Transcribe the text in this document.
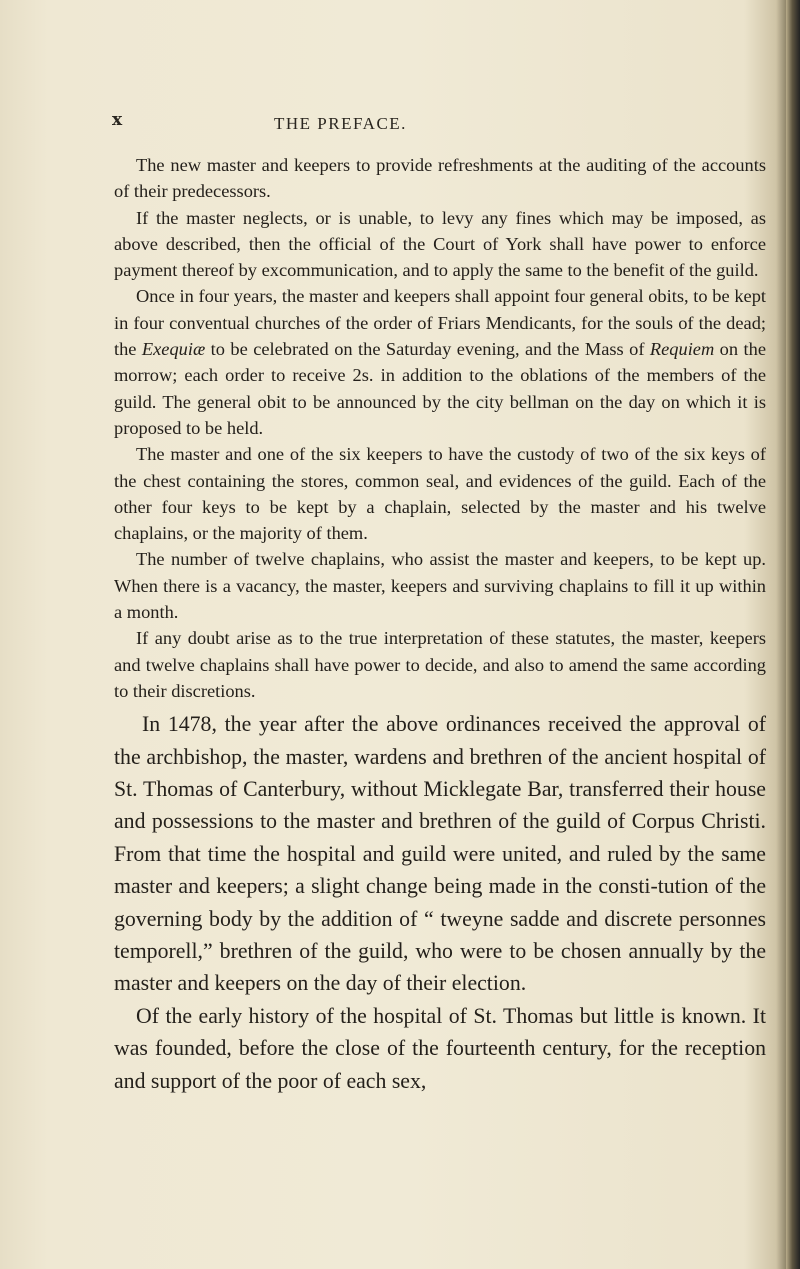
x	THE PREFACE.

The new master and keepers to provide refreshments at the auditing of the accounts of their predecessors.

If the master neglects, or is unable, to levy any fines which may be imposed, as above described, then the official of the Court of York shall have power to enforce payment thereof by excommunication, and to apply the same to the benefit of the guild.

Once in four years, the master and keepers shall appoint four general obits, to be kept in four conventual churches of the order of Friars Mendicants, for the souls of the dead; the Exequiæ to be celebrated on the Saturday evening, and the Mass of Requiem on the morrow; each order to receive 2s. in addition to the oblations of the members of the guild. The general obit to be announced by the city bellman on the day on which it is proposed to be held.

The master and one of the six keepers to have the custody of two of the six keys of the chest containing the stores, common seal, and evidences of the guild. Each of the other four keys to be kept by a chaplain, selected by the master and his twelve chaplains, or the majority of them.

The number of twelve chaplains, who assist the master and keepers, to be kept up. When there is a vacancy, the master, keepers and surviving chaplains to fill it up within a month.

If any doubt arise as to the true interpretation of these statutes, the master, keepers and twelve chaplains shall have power to decide, and also to amend the same according to their discretions.

In 1478, the year after the above ordinances received the approval of the archbishop, the master, wardens and brethren of the ancient hospital of St. Thomas of Canterbury, without Micklegate Bar, transferred their house and possessions to the master and brethren of the guild of Corpus Christi. From that time the hospital and guild were united, and ruled by the same master and keepers; a slight change being made in the consti-tution of the governing body by the addition of “ tweyne sadde and discrete personnes temporell,” brethren of the guild, who were to be chosen annually by the master and keepers on the day of their election.

Of the early history of the hospital of St. Thomas but little is known. It was founded, before the close of the fourteenth century, for the reception and support of the poor of each sex,
